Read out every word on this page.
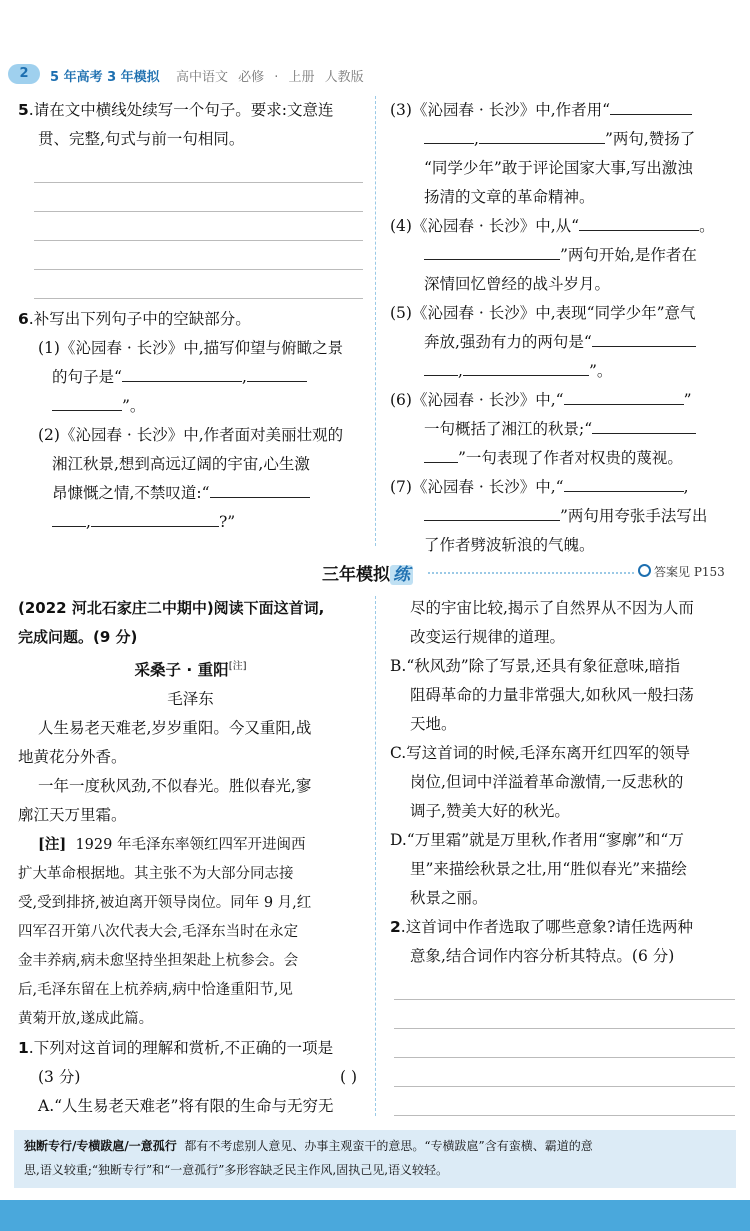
2	5 年高考 3 年模拟 高中语文 必修 · 上册 人教版

5.请在文中横线处续写一个句子。要求:文意连

贯、完整,句式与前一句相同。

6.补写出下列句子中的空缺部分。

(1)《沁园春 · 长沙》中,描写仰望与俯瞰之景

的句子是“	,

”。

(2)《沁园春 · 长沙》中,作者面对美丽壮观的

湘江秋景,想到高远辽阔的宇宙,心生激

昂慷慨之情,不禁叹道:“

,	?”

(3)《沁园春 · 长沙》中,作者用“

,	”两句,赞扬了

“同学少年”敢于评论国家大事,写出激浊

扬清的文章的革命精神。

(4)《沁园春 · 长沙》中,从“	。

”两句开始,是作者在

深情回忆曾经的战斗岁月。

(5)《沁园春 · 长沙》中,表现“同学少年”意气

奔放,强劲有力的两句是“

,	”。

(6)《沁园春 · 长沙》中,“	”

一句概括了湘江的秋景;“

”一句表现了作者对权贵的蔑视。

(7)《沁园春 · 长沙》中,“	,

”两句用夸张手法写出

了作者劈波斩浪的气魄。

三年模拟 练	答案见 P153

(2022 河北石家庄二中期中)阅读下面这首词,

完成问题。(9 分)

采桑子 · 重阳[注]

毛泽东

人生易老天难老,岁岁重阳。今又重阳,战

地黄花分外香。

一年一度秋风劲,不似春光。胜似春光,寥

廓江天万里霜。

[注] 1929 年毛泽东率领红四军开进闽西

扩大革命根据地。其主张不为大部分同志接

受,受到排挤,被迫离开领导岗位。同年 9 月,红

四军召开第八次代表大会,毛泽东当时在永定

金丰养病,病未愈坚持坐担架赴上杭参会。会

后,毛泽东留在上杭养病,病中恰逢重阳节,见

黄菊开放,遂成此篇。

1.下列对这首词的理解和赏析,不正确的一项是

(3 分)	( )

A.“人生易老天难老”将有限的生命与无穷无

尽的宇宙比较,揭示了自然界从不因为人而

改变运行规律的道理。

B.“秋风劲”除了写景,还具有象征意味,暗指

阻碍革命的力量非常强大,如秋风一般扫荡

天地。

C.写这首词的时候,毛泽东离开红四军的领导

岗位,但词中洋溢着革命激情,一反悲秋的

调子,赞美大好的秋光。

D.“万里霜”就是万里秋,作者用“寥廓”和“万

里”来描绘秋景之壮,用“胜似春光”来描绘

秋景之丽。

2.这首词中作者选取了哪些意象?请任选两种

意象,结合词作内容分析其特点。(6 分)

独断专行/专横跋扈/一意孤行 都有不考虑别人意见、办事主观蛮干的意思。“专横跋扈”含有蛮横、霸道的意
思,语义较重;“独断专行”和“一意孤行”多形容缺乏民主作风,固执己见,语义较轻。
